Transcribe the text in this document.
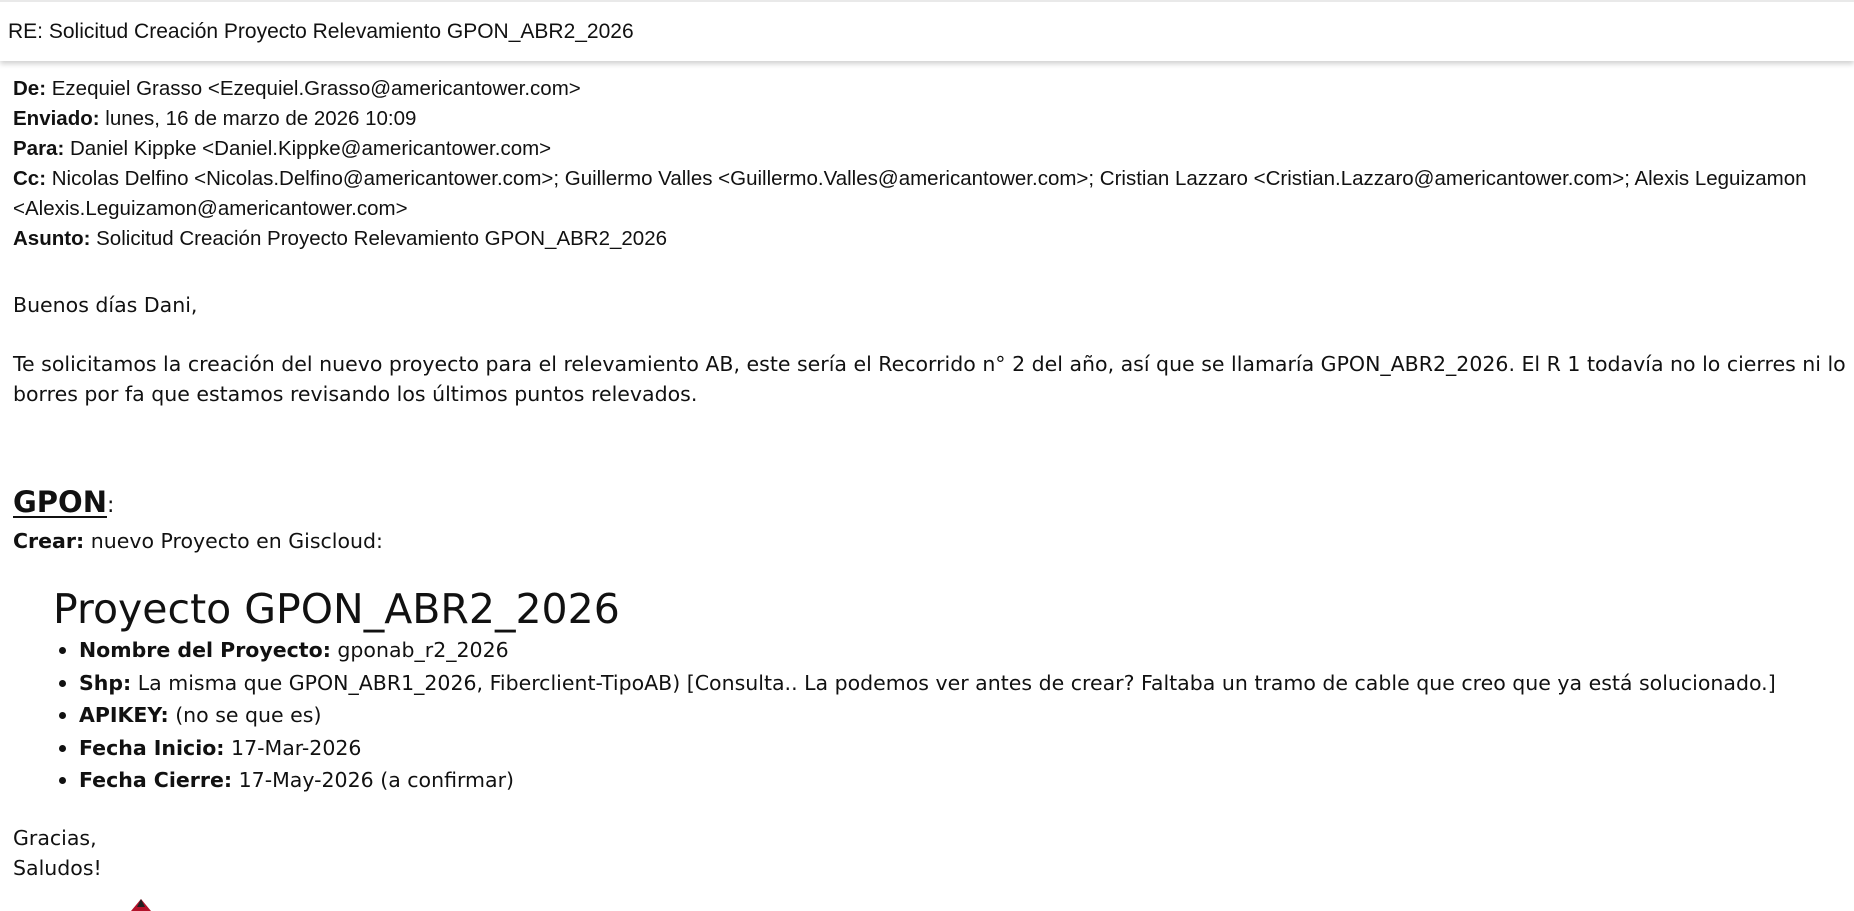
RE: Solicitud Creación Proyecto Relevamiento GPON_ABR2_2026

De: Ezequiel Grasso <Ezequiel.Grasso@americantower.com>

Enviado: lunes, 16 de marzo de 2026 10:09

Para: Daniel Kippke <Daniel.Kippke@americantower.com>

Cc: Nicolas Delfino <Nicolas.Delfino@americantower.com>; Guillermo Valles <Guillermo.Valles@americantower.com>; Cristian Lazzaro <Cristian.Lazzaro@americantower.com>; Alexis Leguizamon <Alexis.Leguizamon@americantower.com>

Asunto: Solicitud Creación Proyecto Relevamiento GPON_ABR2_2026

Buenos días Dani,

Te solicitamos la creación del nuevo proyecto para el relevamiento AB, este sería el Recorrido n° 2 del año, así que se llamaría GPON_ABR2_2026. El R 1 todavía no lo cierres ni lo borres por fa que estamos revisando los últimos puntos relevados.

GPON:

Crear: nuevo Proyecto en Giscloud:

Proyecto GPON_ABR2_2026
Nombre del Proyecto: gponab_r2_2026
Shp: La misma que GPON_ABR1_2026, Fiberclient-TipoAB) [Consulta.. La podemos ver antes de crear? Faltaba un tramo de cable que creo que ya está solucionado.]
APIKEY: (no se que es)
Fecha Inicio: 17-Mar-2026
Fecha Cierre: 17-May-2026 (a confirmar)

Gracias,

Saludos!
